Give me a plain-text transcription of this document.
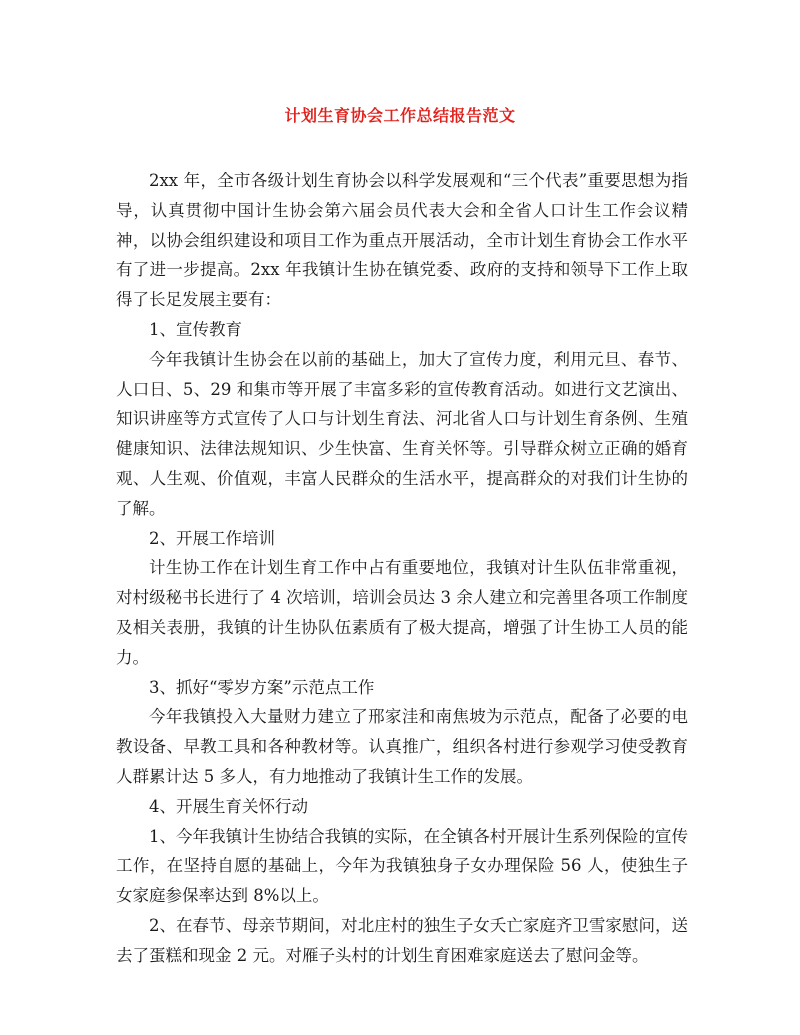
计划生育协会工作总结报告范文

2xx 年，全市各级计划生育协会以科学发展观和“三个代表”重要思想为指导，认真贯彻中国计生协会第六届会员代表大会和全省人口计生工作会议精神，以协会组织建设和项目工作为重点开展活动，全市计划生育协会工作水平有了进一步提高。2xx 年我镇计生协在镇党委、政府的支持和领导下工作上取得了长足发展主要有：

1、宣传教育

今年我镇计生协会在以前的基础上，加大了宣传力度，利用元旦、春节、人口日、5、29 和集市等开展了丰富多彩的宣传教育活动。如进行文艺演出、知识讲座等方式宣传了人口与计划生育法、河北省人口与计划生育条例、生殖健康知识、法律法规知识、少生快富、生育关怀等。引导群众树立正确的婚育观、人生观、价值观，丰富人民群众的生活水平，提高群众的对我们计生协的了解。

2、开展工作培训

计生协工作在计划生育工作中占有重要地位，我镇对计生队伍非常重视，对村级秘书长进行了 4 次培训，培训会员达 3 余人建立和完善里各项工作制度及相关表册，我镇的计生协队伍素质有了极大提高，增强了计生协工人员的能力。

3、抓好“零岁方案”示范点工作

今年我镇投入大量财力建立了邢家洼和南焦坡为示范点，配备了必要的电教设备、早教工具和各种教材等。认真推广，组织各村进行参观学习使受教育人群累计达 5 多人，有力地推动了我镇计生工作的发展。

4、开展生育关怀行动

1、今年我镇计生协结合我镇的实际，在全镇各村开展计生系列保险的宣传工作，在坚持自愿的基础上，今年为我镇独身子女办理保险 56 人，使独生子女家庭参保率达到 8%以上。

2、在春节、母亲节期间，对北庄村的独生子女夭亡家庭齐卫雪家慰问，送去了蛋糕和现金 2 元。对雁子头村的计划生育困难家庭送去了慰问金等。
